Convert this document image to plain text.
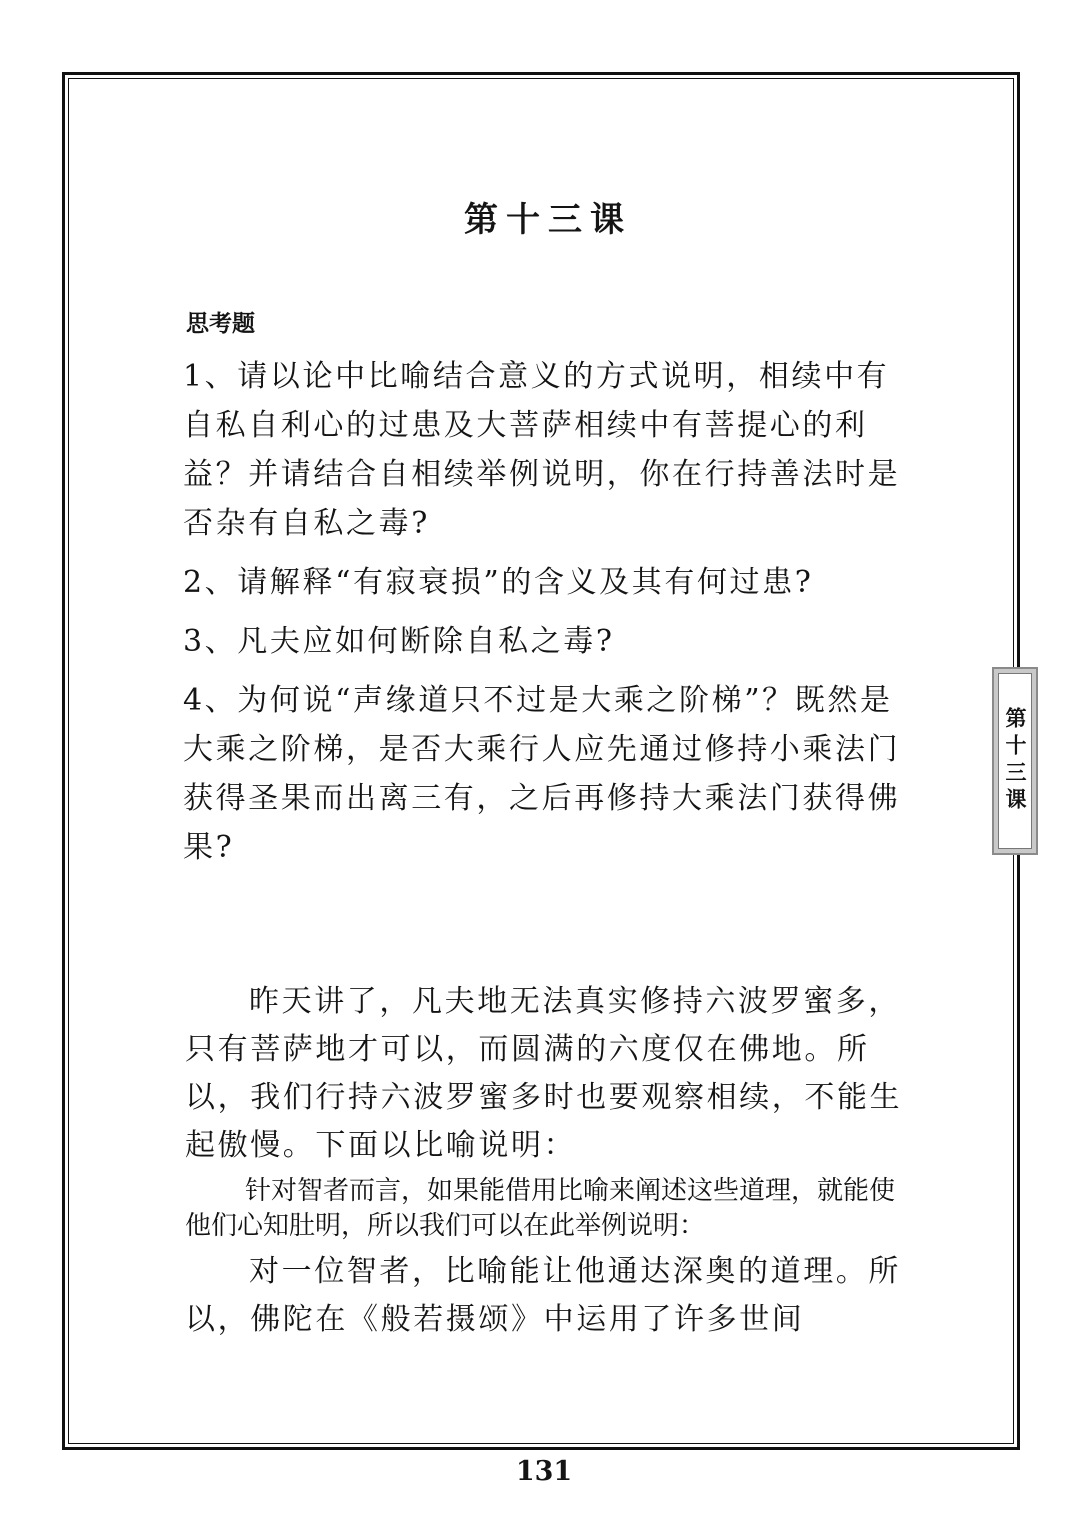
第十三课
思考题

1、请以论中比喻结合意义的方式说明，相续中有自私自利心的过患及大菩萨相续中有菩提心的利益？并请结合自相续举例说明，你在行持善法时是否杂有自私之毒?

2、请解释“有寂衰损”的含义及其有何过患?

3、凡夫应如何断除自私之毒?

4、为何说“声缘道只不过是大乘之阶梯”？既然是大乘之阶梯，是否大乘行人应先通过修持小乘法门获得圣果而出离三有，之后再修持大乘法门获得佛果?

第十三课

昨天讲了，凡夫地无法真实修持六波罗蜜多，只有菩萨地才可以，而圆满的六度仅在佛地。所以，我们行持六波罗蜜多时也要观察相续，不能生起傲慢。下面以比喻说明：

针对智者而言，如果能借用比喻来阐述这些道理，就能使他们心知肚明，所以我们可以在此举例说明：

对一位智者，比喻能让他通达深奥的道理。所以，佛陀在《般若摄颂》中运用了许多世间

131
